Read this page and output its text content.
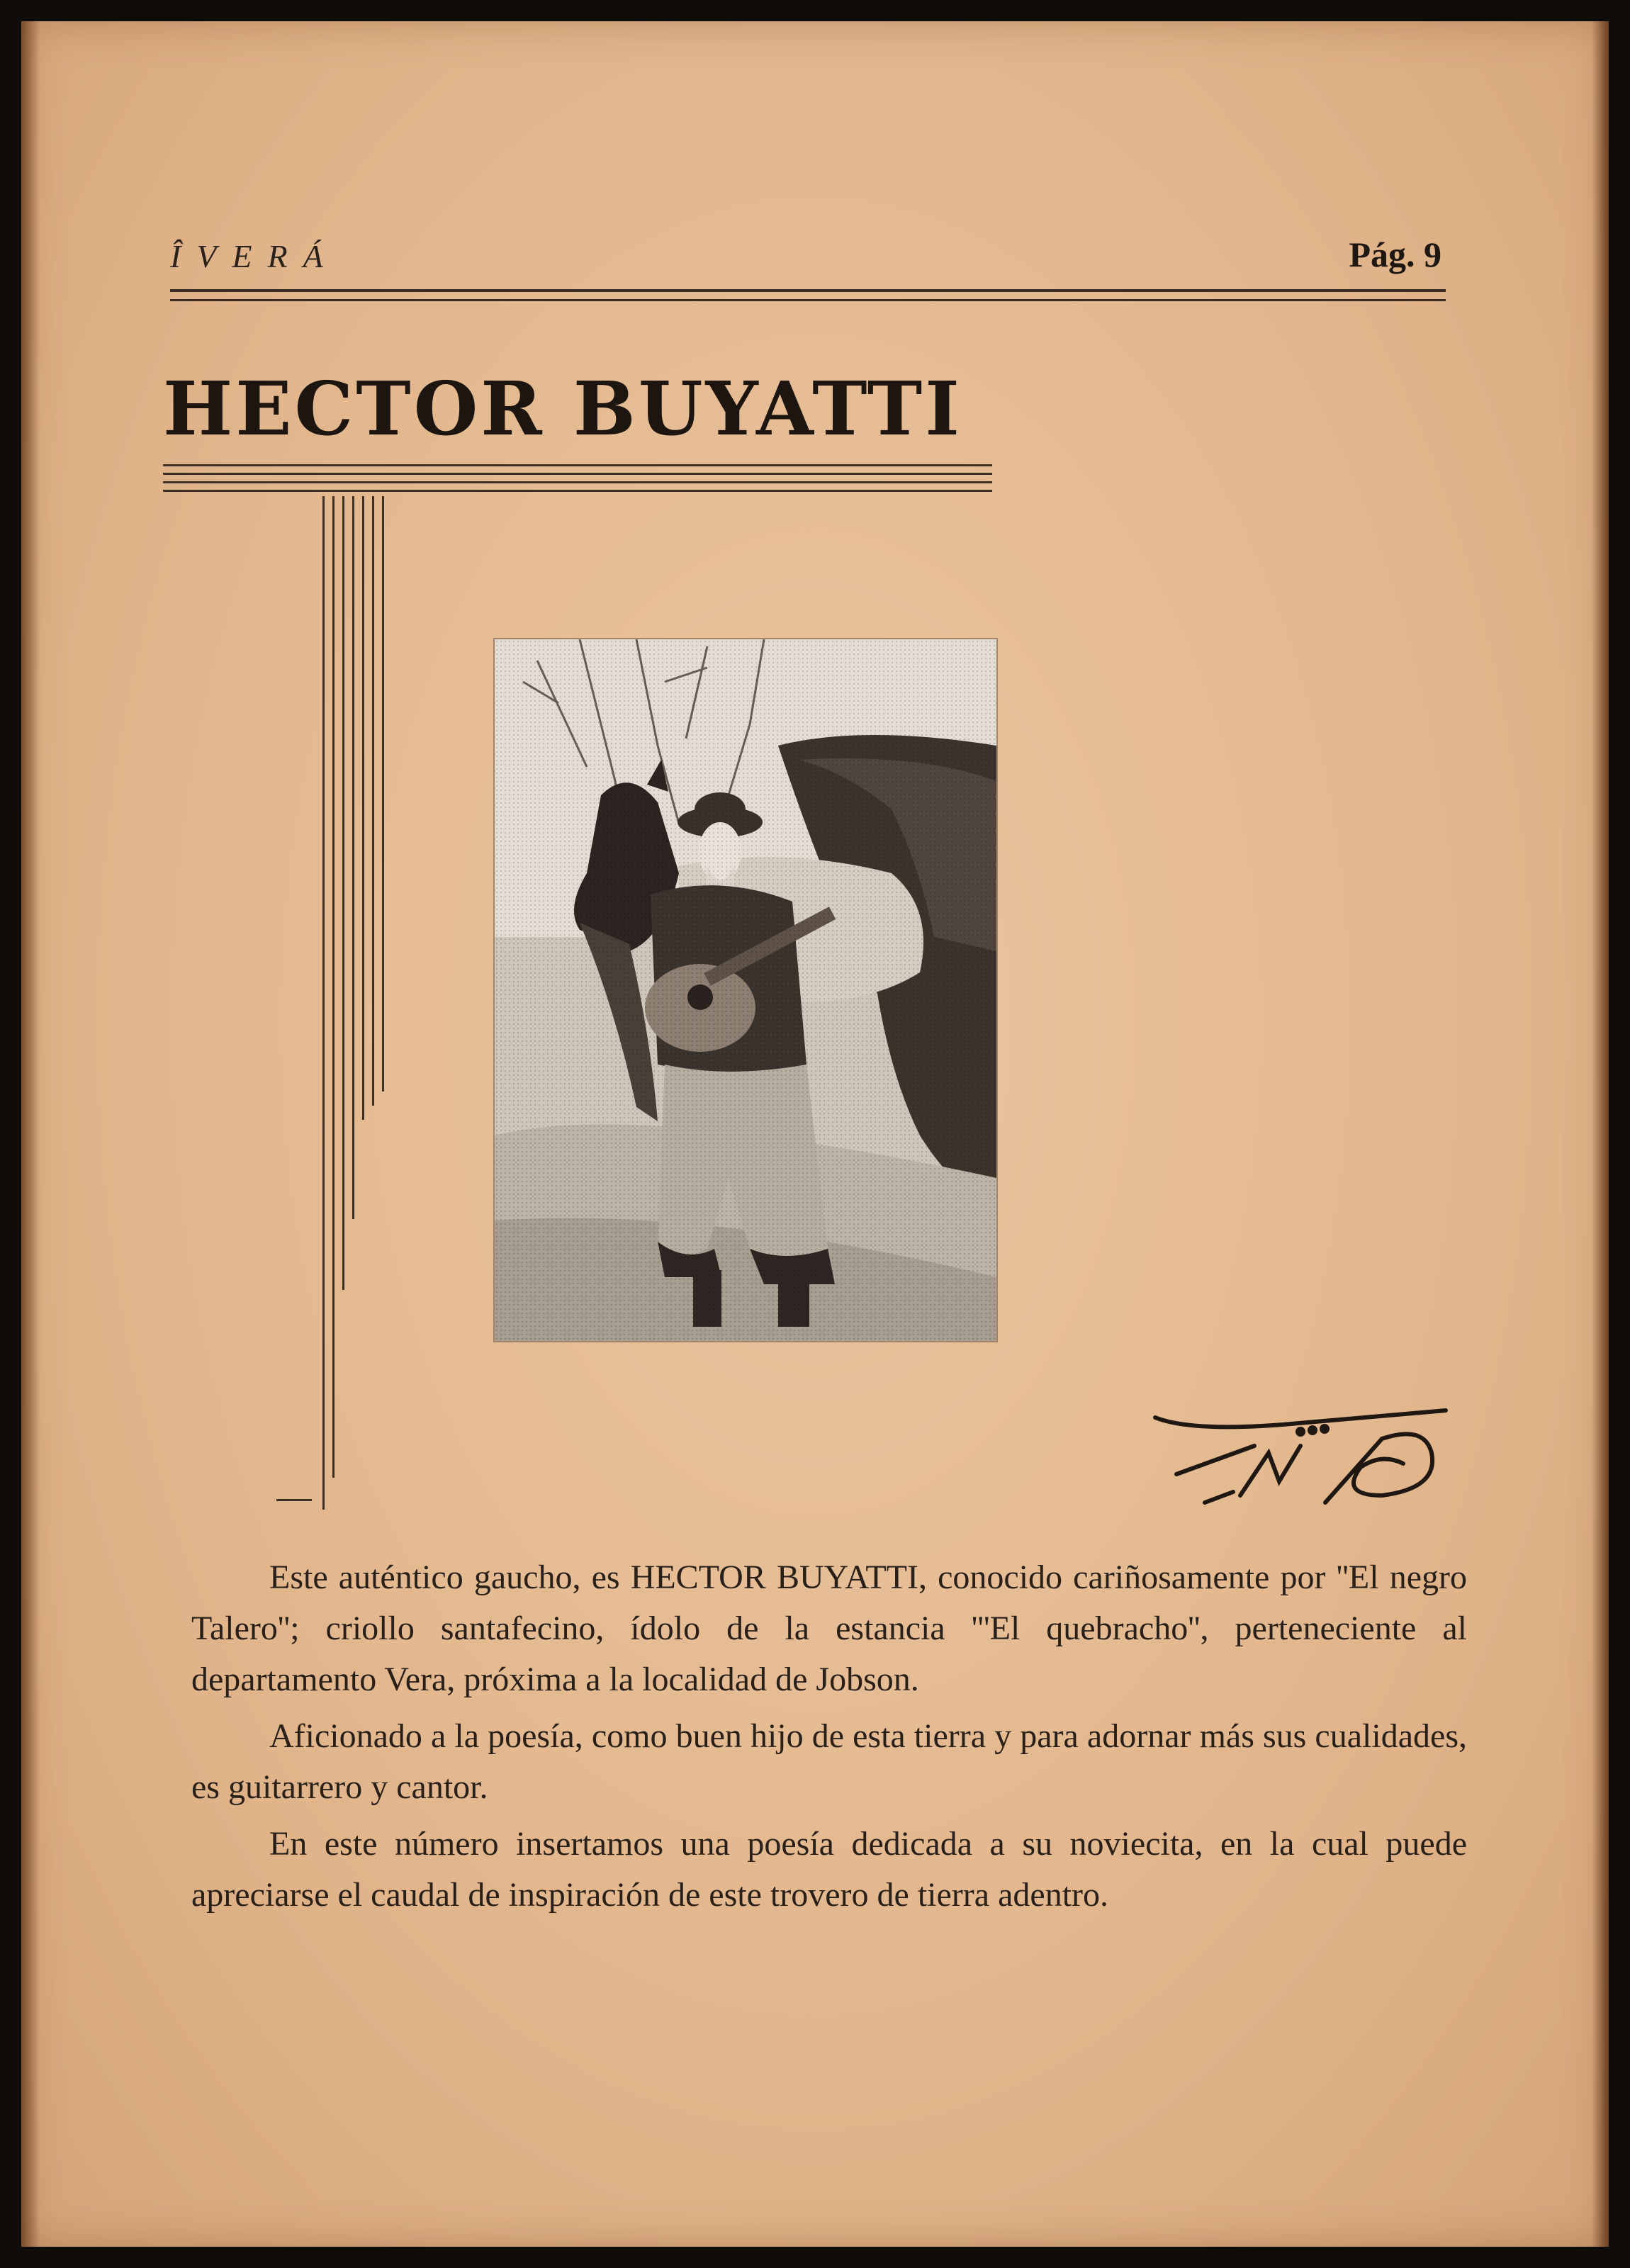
ÎVERÁ	Pág. 9
HECTOR BUYATTI

Este auténtico gaucho, es HECTOR BUYATTI, conocido cariñosamente por ''El negro Talero''; criollo santafecino, ídolo de la estancia '''El quebracho'', perteneciente al departamento Vera, próxima a la localidad de Jobson.

Aficionado a la poesía, como buen hijo de esta tierra y para adornar más sus cualidades, es guitarrero y cantor.

En este número insertamos una poesía dedicada a su noviecita, en la cual puede apreciarse el caudal de inspiración de este trovero de tierra adentro.
